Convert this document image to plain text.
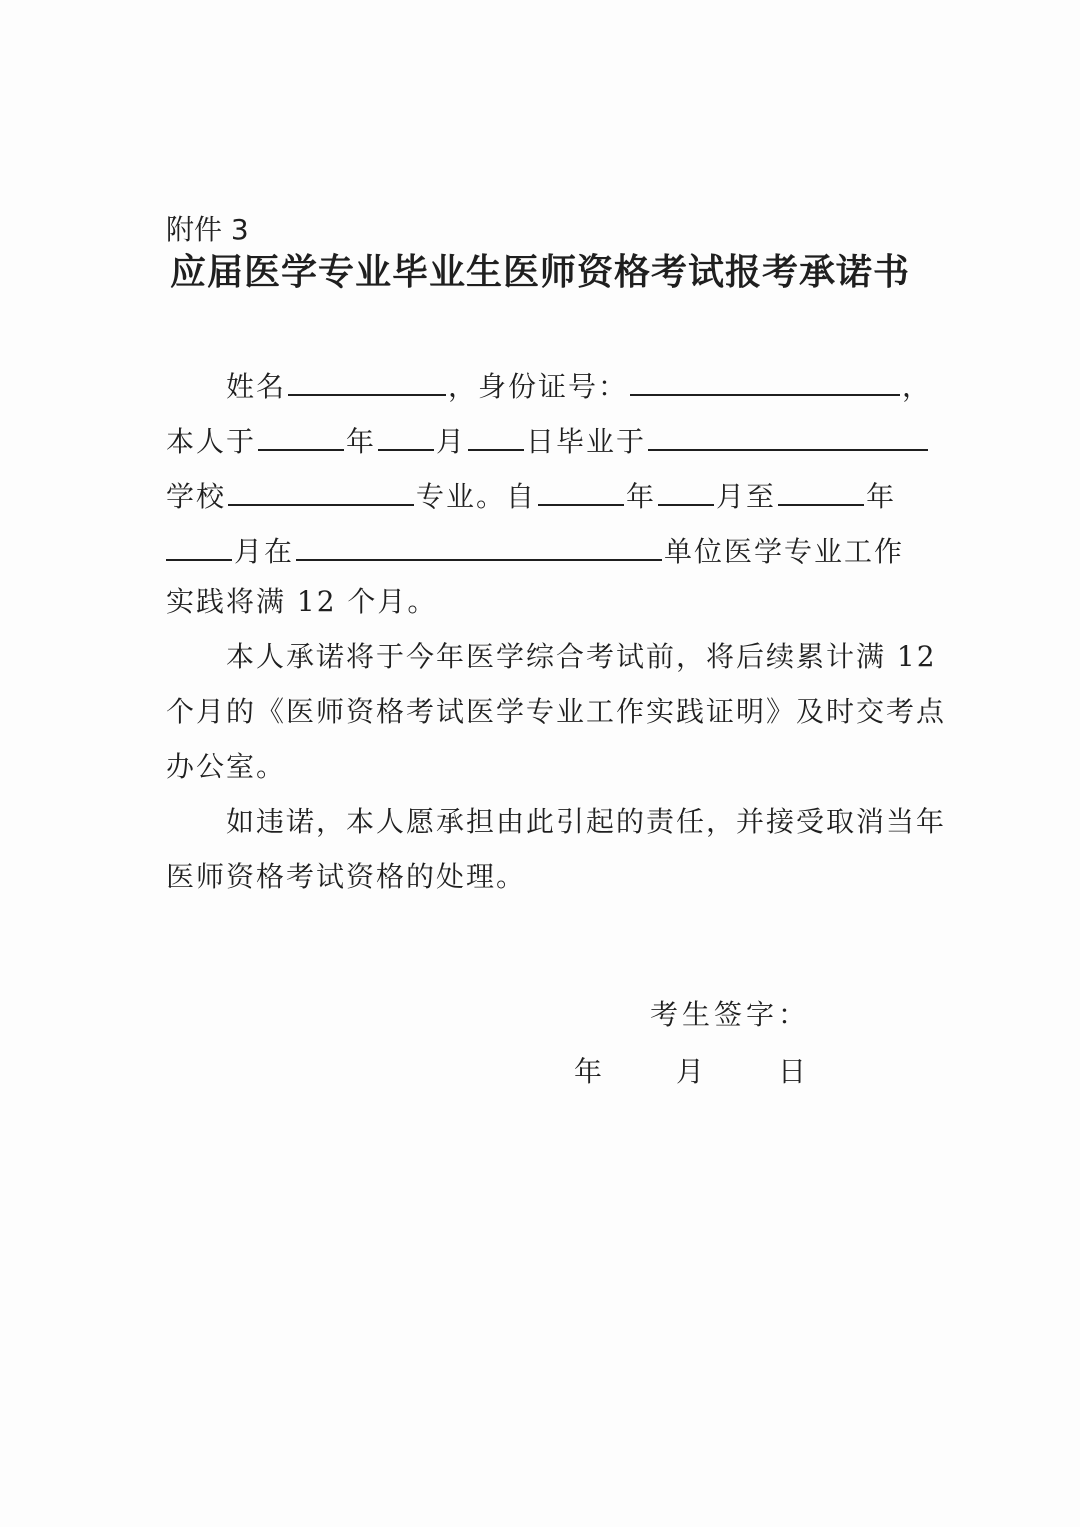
附件 3
应届医学专业毕业生医师资格考试报考承诺书
姓名	，身份证号：	，
本人于	年 月 日毕业于
学校	专业。自	年 月至	年
月在	单位医学专业工作
实践将满 12 个月。
本人承诺将于今年医学综合考试前，将后续累计满 12
个月的《医师资格考试医学专业工作实践证明》及时交考点
办公室。
如违诺，本人愿承担由此引起的责任，并接受取消当年
医师资格考试资格的处理。
考生签字：
年 月 日
